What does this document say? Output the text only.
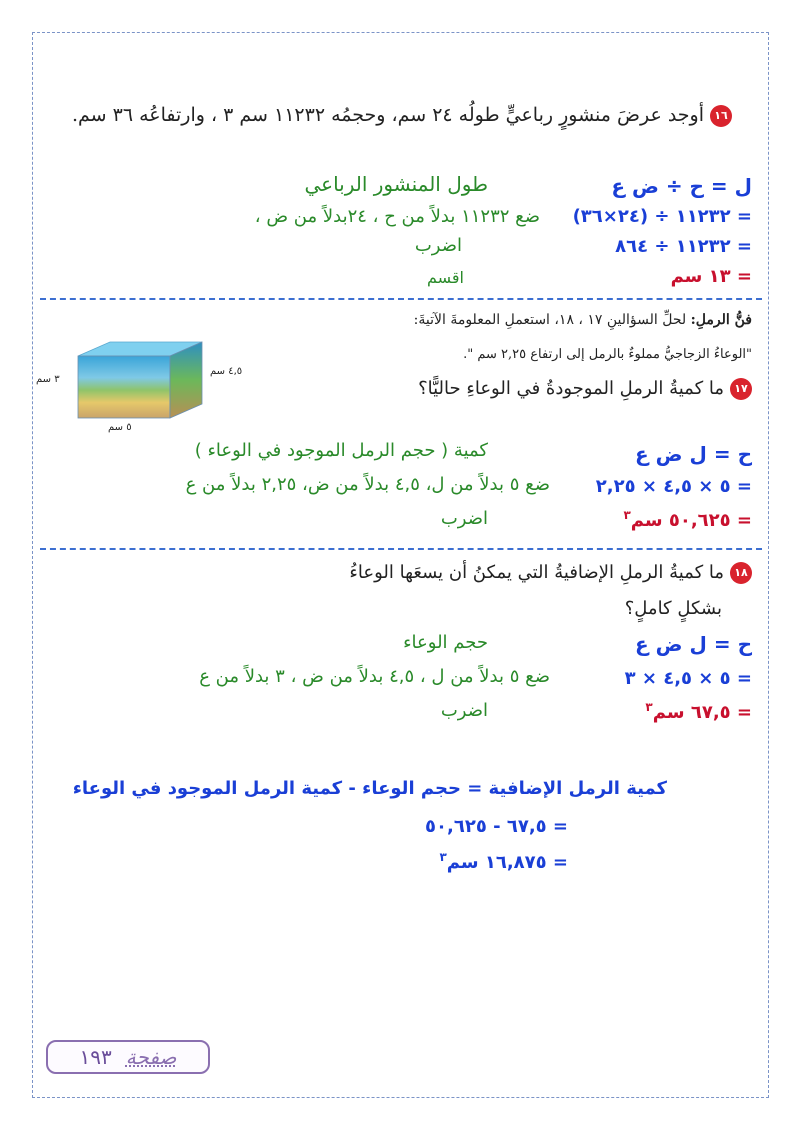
١٦أوجد عرضَ منشورٍ رباعيٍّ طولُه ٢٤ سم، وحجمُه ١١٢٣٢ سم ٣ ، وارتفاعُه ٣٦ سم.
ل = ح ÷ ض ع
طول المنشور الرباعي
= ١١٢٣٢ ÷ (٢٤×٣٦)
ضع ١١٢٣٢ بدلاً من ح ، ٢٤بدلاً من ض ،
= ١١٢٣٢ ÷ ٨٦٤
اضرب
= ١٣ سم
اقسم
فنُّ الرملِ: لحلِّ السؤالينِ ١٧ ، ١٨، استعملِ المعلومةَ الآتيةَ:
"الوعاءُ الزجاجيُّ مملوءٌ بالرمل إلى ارتفاع ٢,٢٥ سم ".
٣ سم
٤,٥ سم
٥ سم
١٧ما كميةُ الرملِ الموجودةُ في الوعاءِ حاليًّا؟
ح = ل ض ع
كمية ( حجم الرمل الموجود في الوعاء )
= ٥ × ٤,٥ × ٢,٢٥
ضع ٥ بدلاً من ل، ٤,٥ بدلاً من ض، ٢,٢٥ بدلاً من ع
= ٥٠,٦٢٥ سم$^٣$
اضرب
١٨ما كميةُ الرملِ الإضافيةُ التي يمكنُ أن يسعَها الوعاءُ
بشكلٍ كاملٍ؟
ح = ل ض ع
حجم الوعاء
= ٥ × ٤,٥ × ٣
ضع ٥ بدلاً من ل ، ٤,٥ بدلاً من ض ، ٣ بدلاً من ع
= ٦٧,٥ سم$^٣$
اضرب
كمية الرمل الإضافية = حجم الوعاء - كمية الرمل الموجود في الوعاء
= ٦٧,٥ - ٥٠,٦٢٥
= ١٦,٨٧٥ سم$^٣$
صفحة١٩٣
